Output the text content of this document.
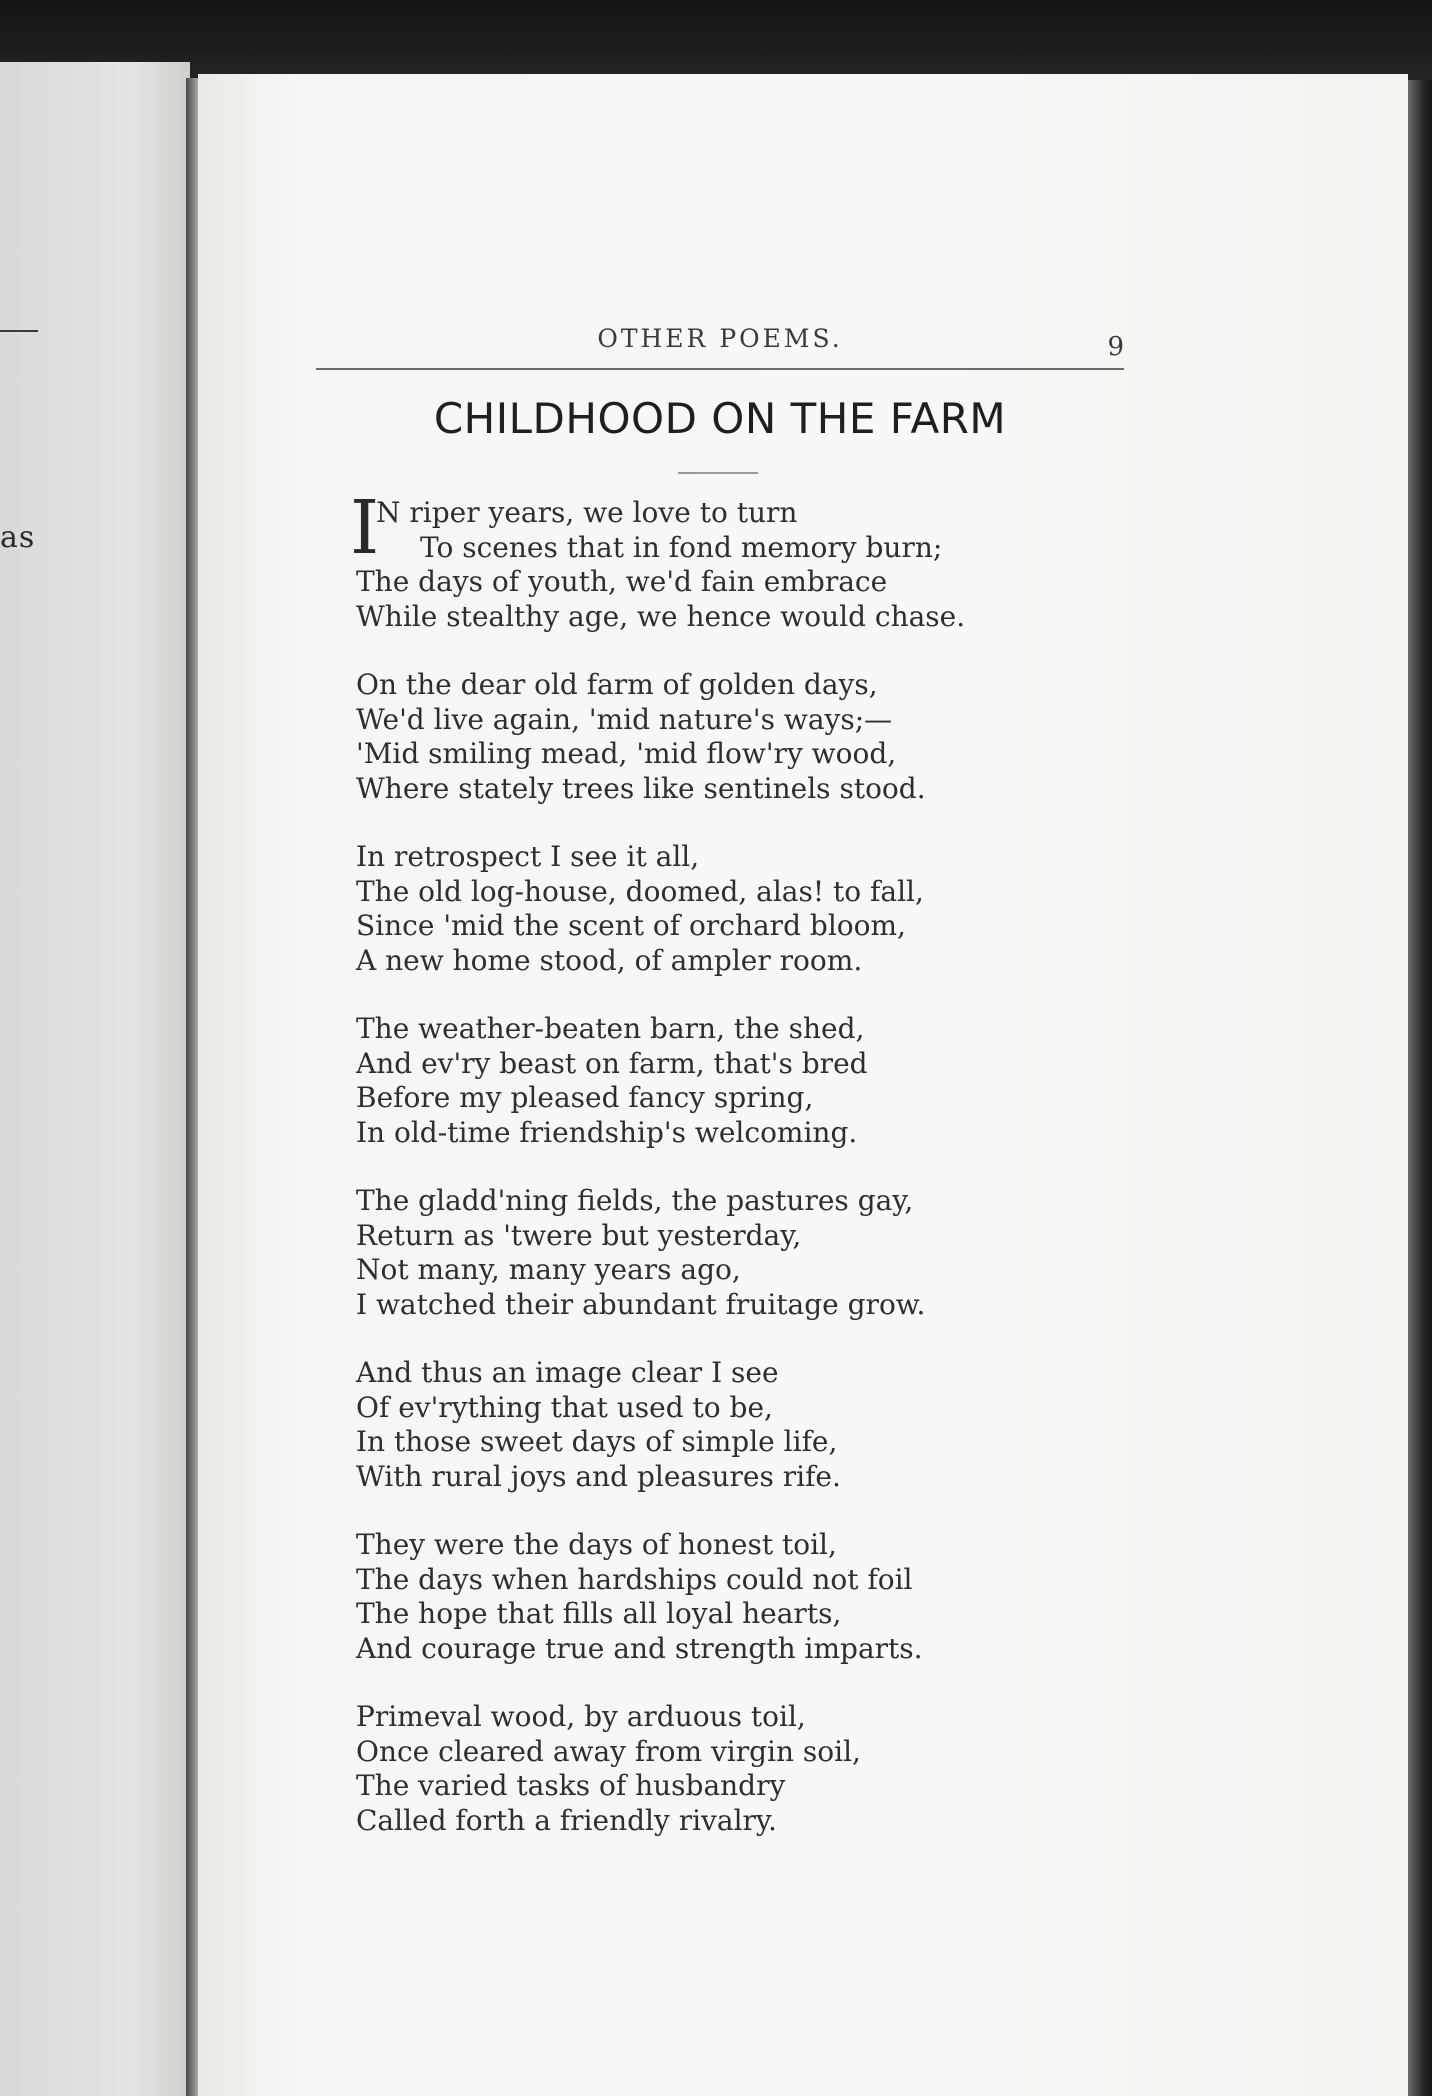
as
OTHER POEMS.	9
CHILDHOOD ON THE FARM
I
N riper years, we love to turn
To scenes that in fond memory burn;
The days of youth, we'd fain embrace
While stealthy age, we hence would chase.
On the dear old farm of golden days,
We'd live again, 'mid nature's ways;—
'Mid smiling mead, 'mid flow'ry wood,
Where stately trees like sentinels stood.
In retrospect I see it all,
The old log-house, doomed, alas! to fall,
Since 'mid the scent of orchard bloom,
A new home stood, of ampler room.
The weather-beaten barn, the shed,
And ev'ry beast on farm, that's bred
Before my pleased fancy spring,
In old-time friendship's welcoming.
The gladd'ning fields, the pastures gay,
Return as 'twere but yesterday,
Not many, many years ago,
I watched their abundant fruitage grow.
And thus an image clear I see
Of ev'rything that used to be,
In those sweet days of simple life,
With rural joys and pleasures rife.
They were the days of honest toil,
The days when hardships could not foil
The hope that fills all loyal hearts,
And courage true and strength imparts.
Primeval wood, by arduous toil,
Once cleared away from virgin soil,
The varied tasks of husbandry
Called forth a friendly rivalry.
